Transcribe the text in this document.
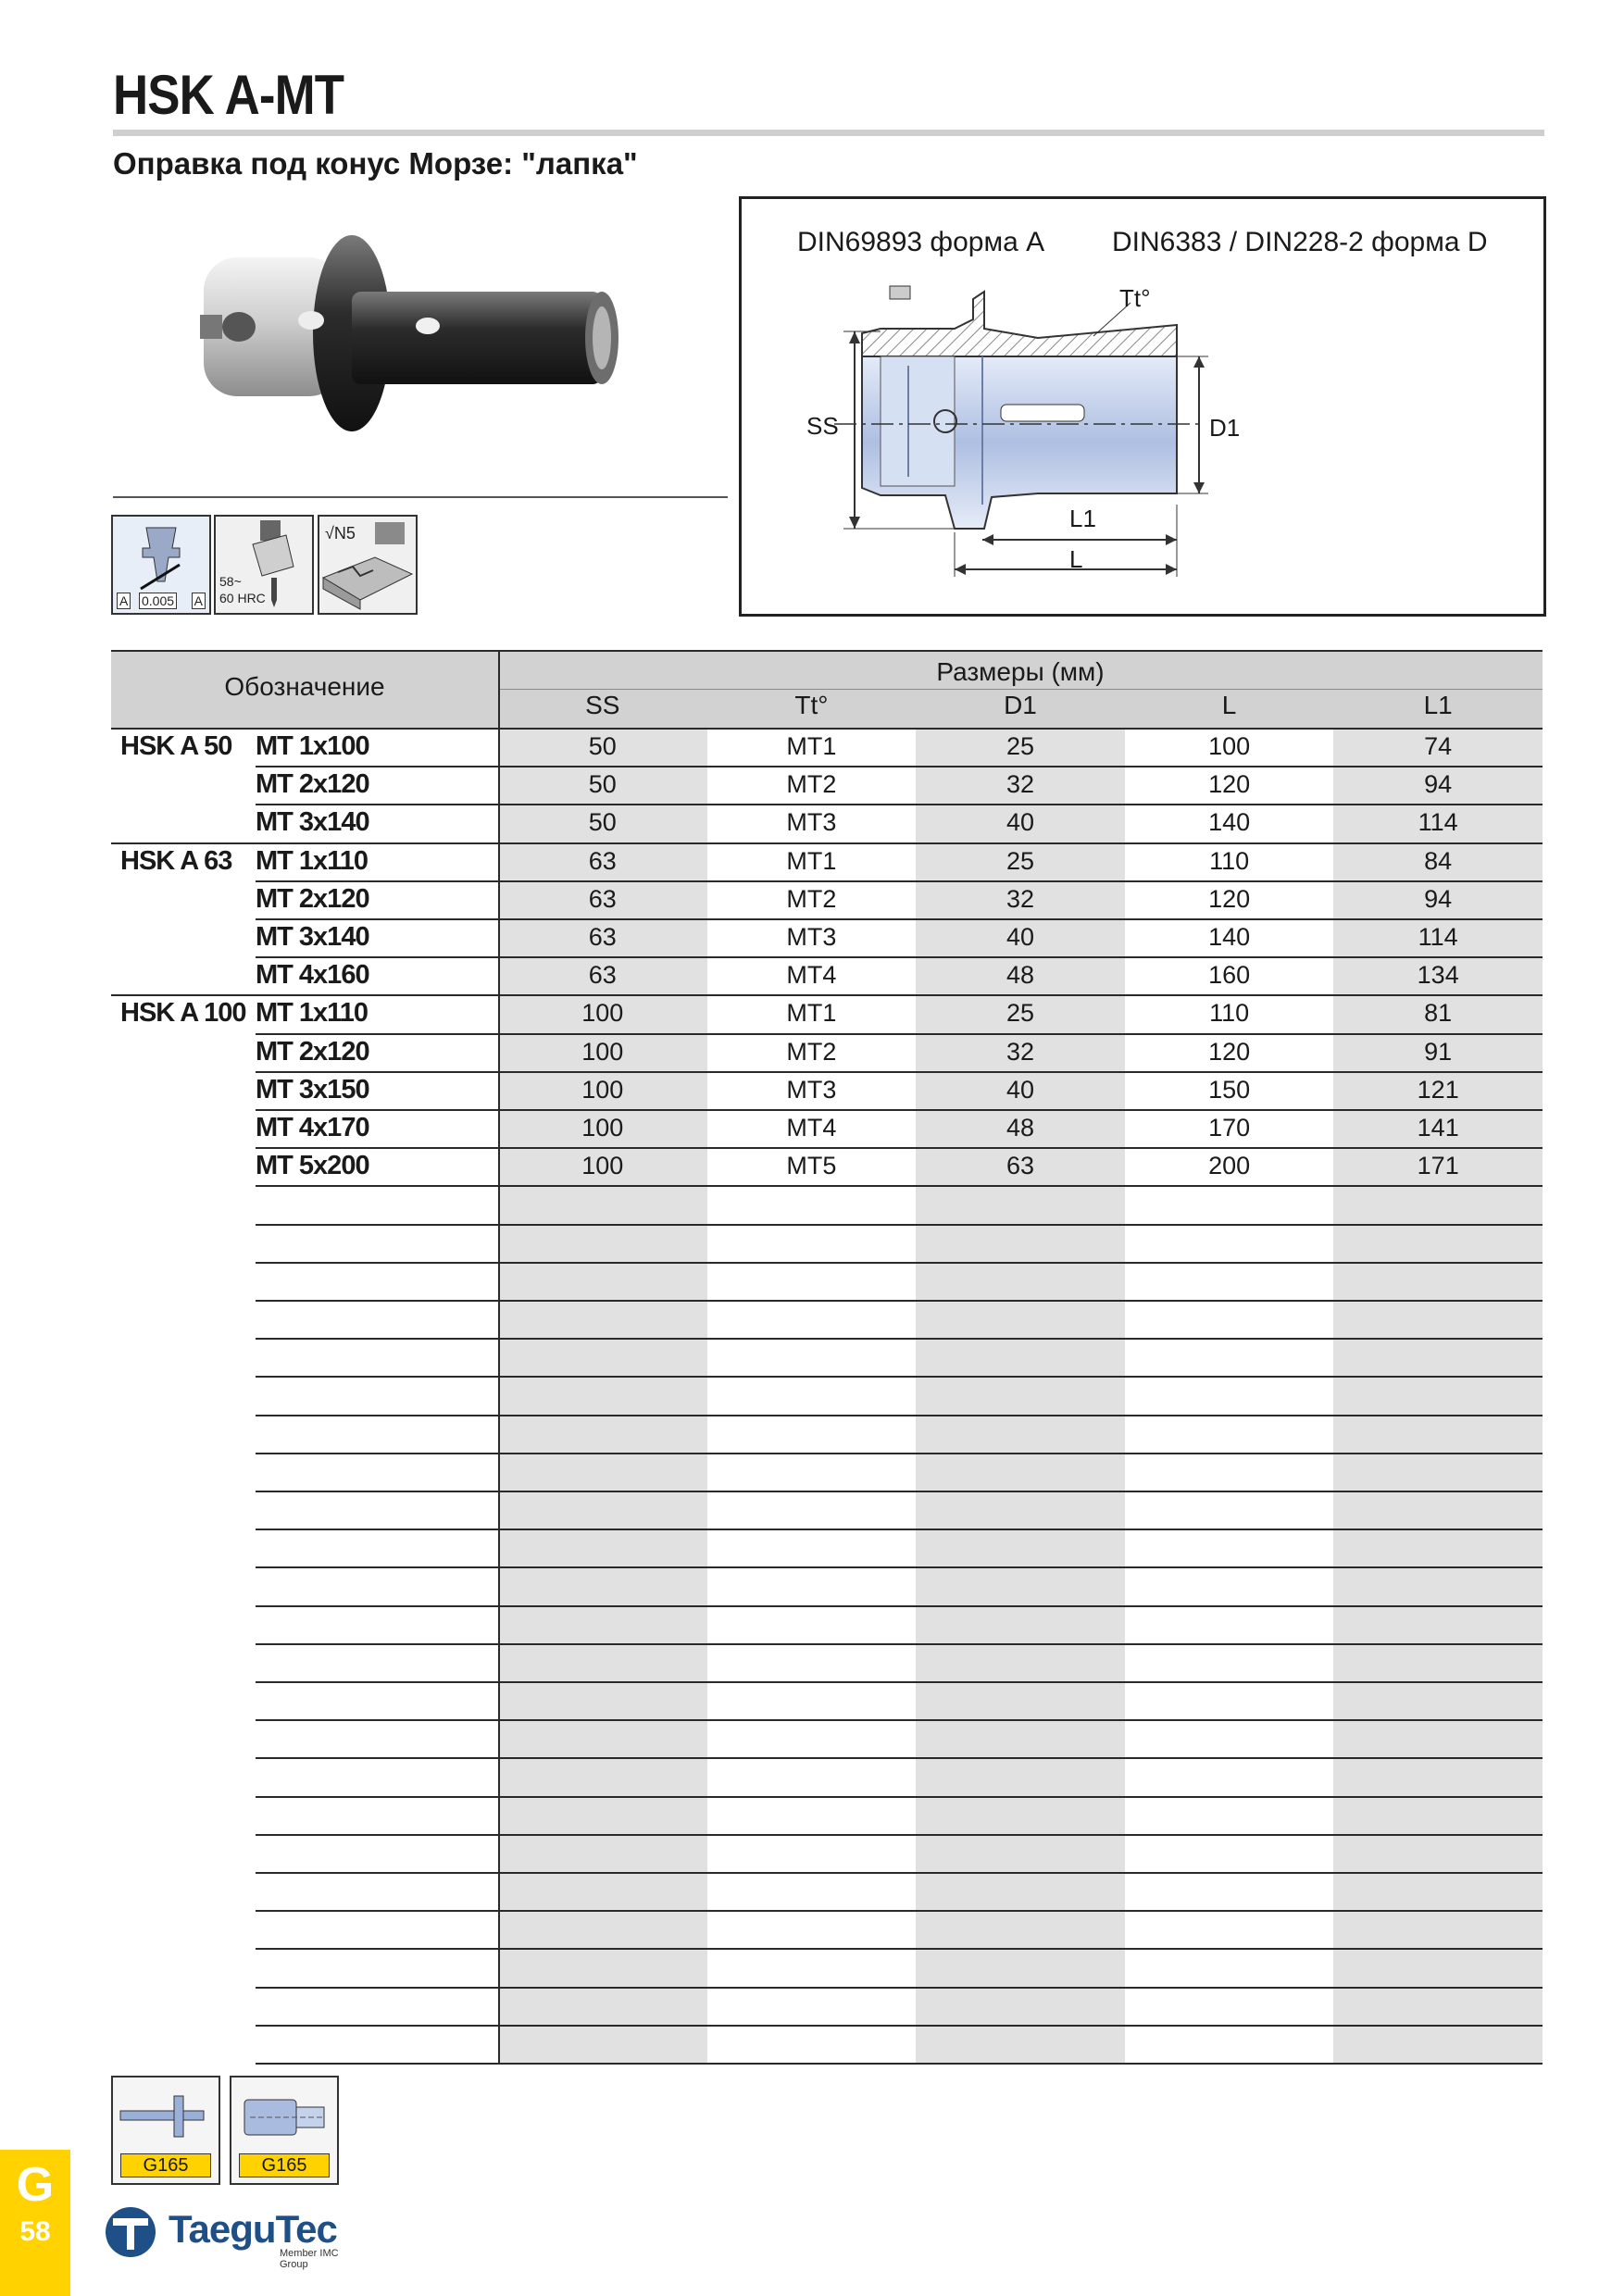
HSK A-MT
Оправка под конус Морзе: "лапка"
A 0.005 A
58~
60 HRC
√N5
DIN69893 форма A DIN6383 / DIN228-2 форма D
SS
Tt°
D1
L1
L
Обозначение
Размеры (мм)
SS	Tt°	D1	L	L1
HSK A 50 MT 1x100	50	MT1	25	100	74
MT 2x120	50	MT2	32	120	94
MT 3x140	50	MT3	40	140	114
HSK A 63 MT 1x110	63	MT1	25	110	84
MT 2x120	63	MT2	32	120	94
MT 3x140	63	MT3	40	140	114
MT 4x160	63	MT4	48	160	134
HSK A 100 MT 1x110	100	MT1	25	110	81
MT 2x120	100	MT2	32	120	91
MT 3x150	100	MT3	40	150	121
MT 4x170	100	MT4	48	170	141
MT 5x200	100	MT5	63	200	171
G165	G165
G
58	TaeguTec
Member IMC Group
